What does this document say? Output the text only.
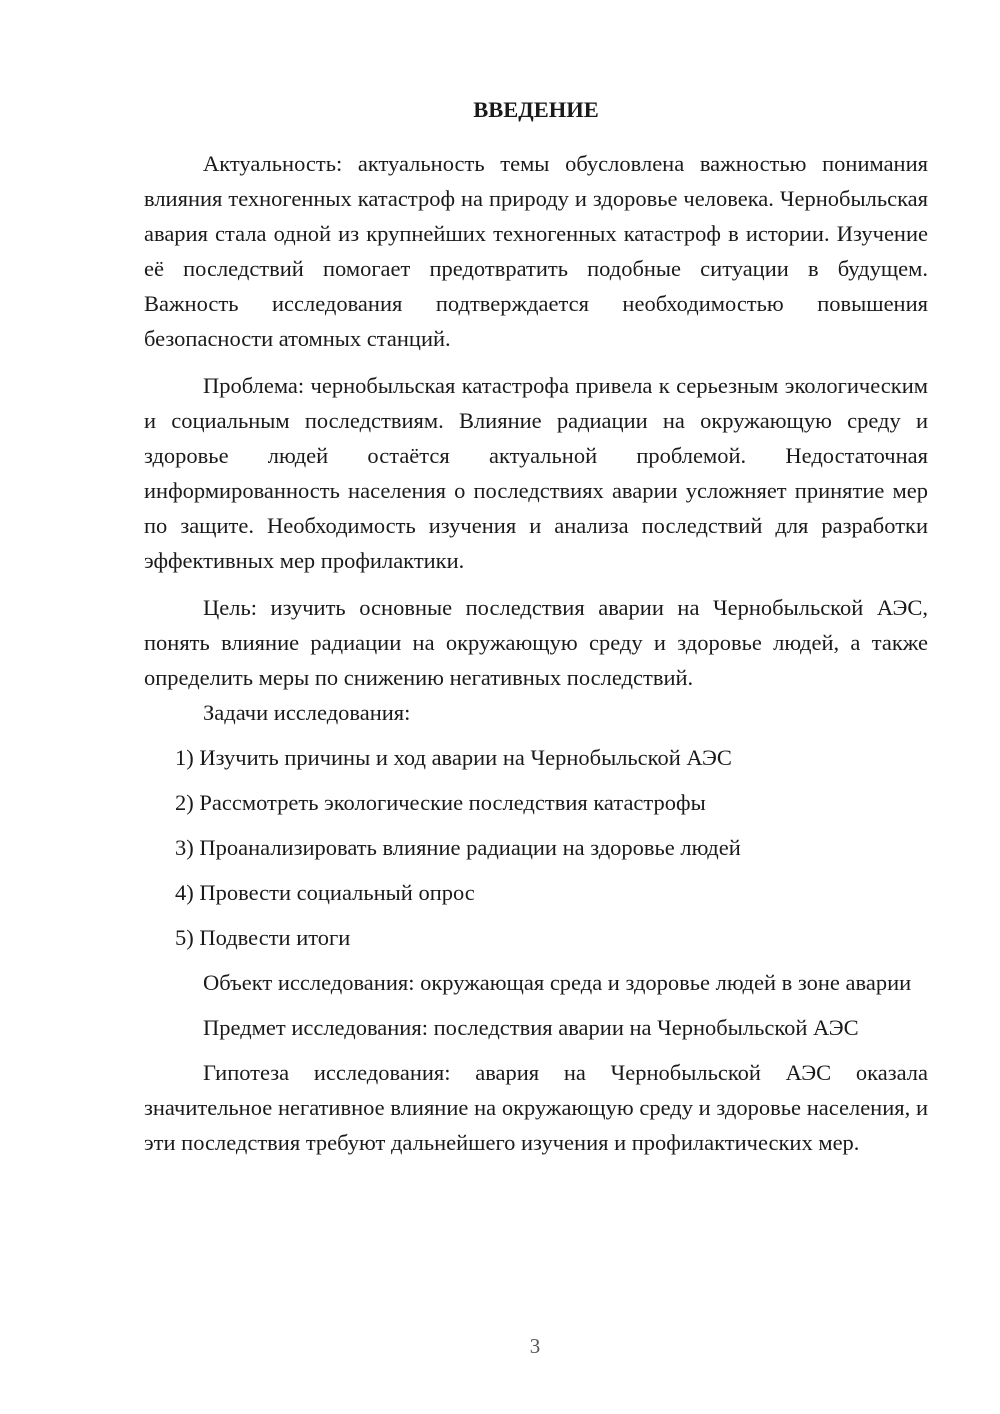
ВВЕДЕНИЕ

Актуальность: актуальность темы обусловлена важностью понимания влияния техногенных катастроф на природу и здоровье человека. Чернобыльская авария стала одной из крупнейших техногенных катастроф в истории. Изучение её последствий помогает предотвратить подобные ситуации в будущем. Важность исследования подтверждается необходимостью повышения безопасности атомных станций.

Проблема: чернобыльская катастрофа привела к серьезным экологическим и социальным последствиям. Влияние радиации на окружающую среду и здоровье людей остаётся актуальной проблемой. Недостаточная информированность населения о последствиях аварии усложняет принятие мер по защите. Необходимость изучения и анализа последствий для разработки эффективных мер профилактики.

Цель: изучить основные последствия аварии на Чернобыльской АЭС, понять влияние радиации на окружающую среду и здоровье людей, а также определить меры по снижению негативных последствий.

Задачи исследования:

1) Изучить причины и ход аварии на Чернобыльской АЭС

2) Рассмотреть экологические последствия катастрофы

3) Проанализировать влияние радиации на здоровье людей

4) Провести социальный опрос

5) Подвести итоги

Объект исследования: окружающая среда и здоровье людей в зоне аварии

Предмет исследования: последствия аварии на Чернобыльской АЭС

Гипотеза исследования: авария на Чернобыльской АЭС оказала значительное негативное влияние на окружающую среду и здоровье населения, и эти последствия требуют дальнейшего изучения и профилактических мер.

3
